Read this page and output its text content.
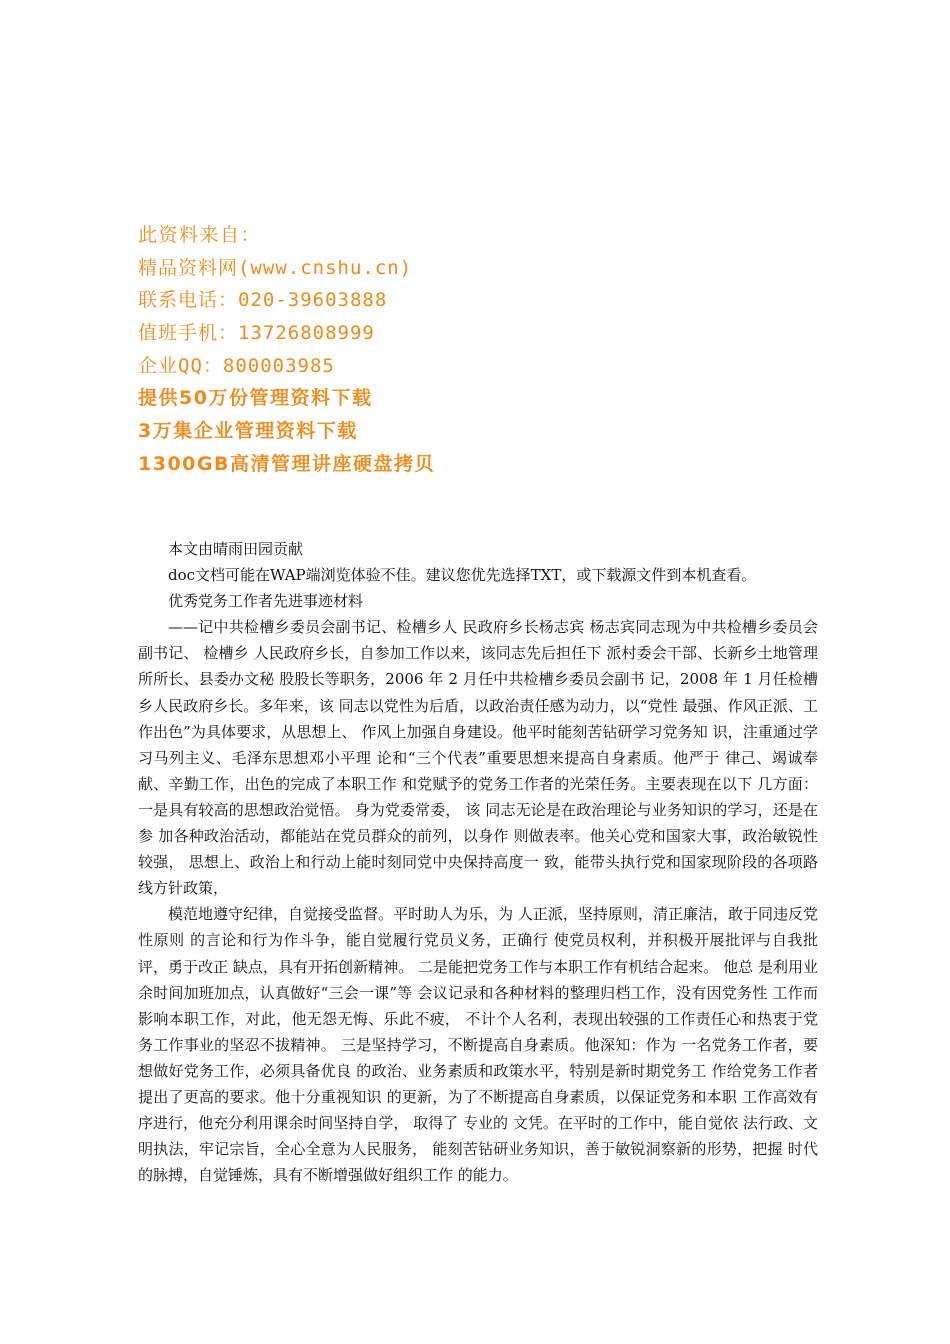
此资料来自：
精品资料网(www.cnshu.cn)
联系电话：020-39603888
值班手机：13726808999
企业QQ：800003985
提供50万份管理资料下载
3万集企业管理资料下载
1300GB高清管理讲座硬盘拷贝

本文由晴雨田园贡献

doc文档可能在WAP端浏览体验不佳。建议您优先选择TXT，或下载源文件到本机查看。

优秀党务工作者先进事迹材料

——记中共检槽乡委员会副书记、检槽乡人 民政府乡长杨志宾 杨志宾同志现为中共检槽乡委员会副书记、 检槽乡 人民政府乡长，自参加工作以来，该同志先后担任下 派村委会干部、长新乡土地管理所所长、县委办文秘 股股长等职务，2006 年 2 月任中共检槽乡委员会副书 记，2008 年 1 月任检槽乡人民政府乡长。多年来，该 同志以党性为后盾，以政治责任感为动力，以“党性 最强、作风正派、工作出色”为具体要求，从思想上、 作风上加强自身建设。他平时能刻苦钻研学习党务知 识，注重通过学习马列主义、毛泽东思想邓小平理 论和“三个代表”重要思想来提高自身素质。他严于 律己、竭诚奉献、辛勤工作，出色的完成了本职工作 和党赋予的党务工作者的光荣任务。主要表现在以下 几方面： 一是具有较高的思想政治觉悟。 身为党委常委， 该 同志无论是在政治理论与业务知识的学习，还是在参 加各种政治活动，都能站在党员群众的前列，以身作 则做表率。他关心党和国家大事，政治敏锐性较强， 思想上、政治上和行动上能时刻同党中央保持高度一 致，能带头执行党和国家现阶段的各项路线方针政策，

模范地遵守纪律，自觉接受监督。平时助人为乐，为 人正派，坚持原则，清正廉洁，敢于同违反党性原则 的言论和行为作斗争，能自觉履行党员义务，正确行 使党员权利，并积极开展批评与自我批评，勇于改正 缺点，具有开拓创新精神。 二是能把党务工作与本职工作有机结合起来。 他总 是利用业余时间加班加点，认真做好“三会一课”等 会议记录和各种材料的整理归档工作，没有因党务性 工作而影响本职工作，对此，他无怨无悔、乐此不疲， 不计个人名利，表现出较强的工作责任心和热衷于党 务工作事业的坚忍不拔精神。 三是坚持学习，不断提高自身素质。他深知：作为 一名党务工作者，要想做好党务工作，必须具备优良 的政治、业务素质和政策水平，特别是新时期党务工 作给党务工作者提出了更高的要求。他十分重视知识 的更新，为了不断提高自身素质，以保证党务和本职 工作高效有序进行，他充分利用课余时间坚持自学， 取得了 专业的 文凭。在平时的工作中，能自觉依 法行政、文明执法，牢记宗旨，全心全意为人民服务， 能刻苦钻研业务知识，善于敏锐洞察新的形势，把握 时代的脉搏，自觉锤炼，具有不断增强做好组织工作 的能力。
